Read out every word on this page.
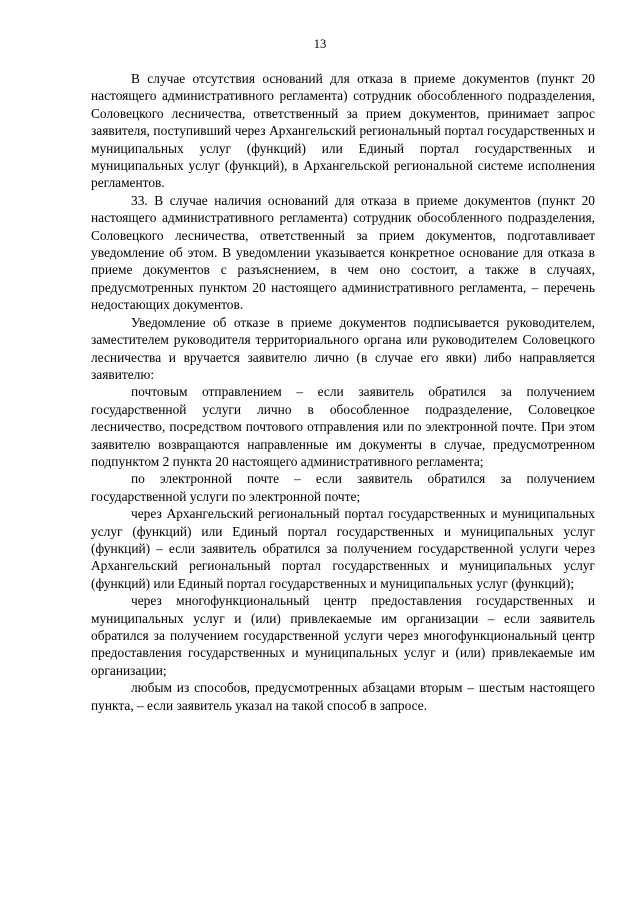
13

В случае отсутствия оснований для отказа в приеме документов (пункт 20 настоящего административного регламента) сотрудник обособленного подразделения, Соловецкого лесничества, ответственный за прием документов, принимает запрос заявителя, поступивший через Архангельский региональный портал государственных и муниципальных услуг (функций) или Единый портал государственных и муниципальных услуг (функций), в Архангельской региональной системе исполнения регламентов.

33. В случае наличия оснований для отказа в приеме документов (пункт 20 настоящего административного регламента) сотрудник обособленного подразделения, Соловецкого лесничества, ответственный за прием документов, подготавливает уведомление об этом. В уведомлении указывается конкретное основание для отказа в приеме документов с разъяснением, в чем оно состоит, а также в случаях, предусмотренных пунктом 20 настоящего административного регламента, – перечень недостающих документов.

Уведомление об отказе в приеме документов подписывается руководителем, заместителем руководителя территориального органа или руководителем Соловецкого лесничества и вручается заявителю лично (в случае его явки) либо направляется заявителю:

почтовым отправлением – если заявитель обратился за получением государственной услуги лично в обособленное подразделение, Соловецкое лесничество, посредством почтового отправления или по электронной почте. При этом заявителю возвращаются направленные им документы в случае, предусмотренном подпунктом 2 пункта 20 настоящего административного регламента;

по электронной почте – если заявитель обратился за получением государственной услуги по электронной почте;

через Архангельский региональный портал государственных и муниципальных услуг (функций) или Единый портал государственных и муниципальных услуг (функций) – если заявитель обратился за получением государственной услуги через Архангельский региональный портал государственных и муниципальных услуг (функций) или Единый портал государственных и муниципальных услуг (функций);

через многофункциональный центр предоставления государственных и муниципальных услуг и (или) привлекаемые им организации – если заявитель обратился за получением государственной услуги через многофункциональный центр предоставления государственных и муниципальных услуг и (или) привлекаемые им организации;

любым из способов, предусмотренных абзацами вторым – шестым настоящего пункта, – если заявитель указал на такой способ в запросе.
